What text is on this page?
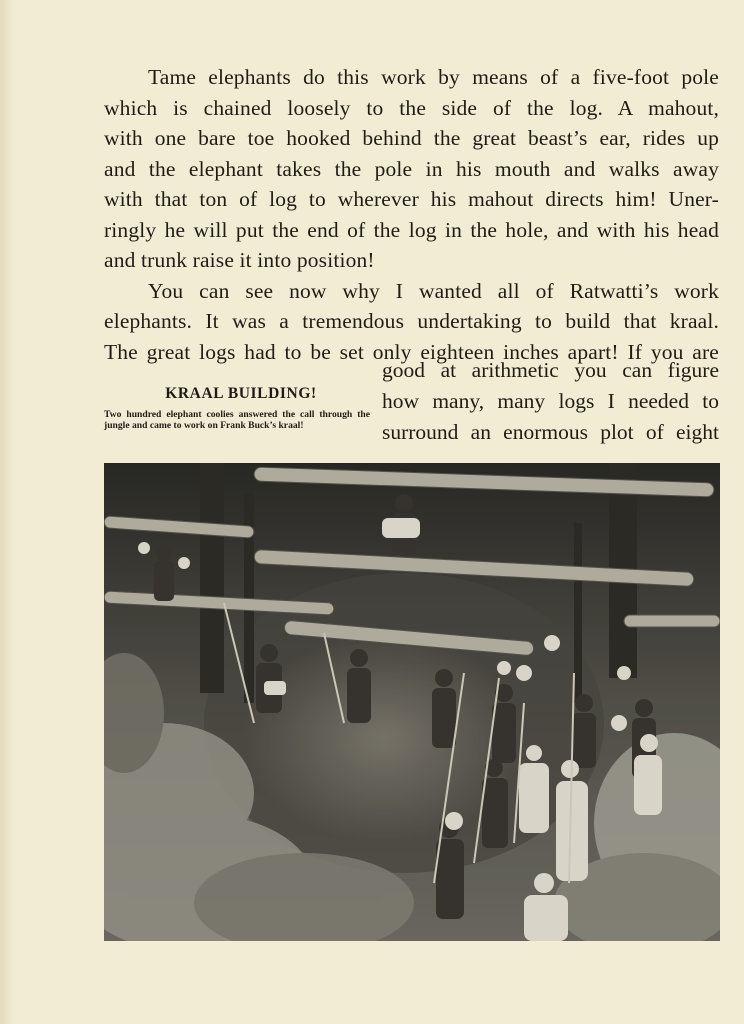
Tame elephants do this work by means of a five-foot pole
which is chained loosely to the side of the log. A mahout,
with one bare toe hooked behind the great beast’s ear, rides up
and the elephant takes the pole in his mouth and walks away
with that ton of log to wherever his mahout directs him! Uner-
ringly he will put the end of the log in the hole, and with his head
and trunk raise it into position!

You can see now why I wanted all of Ratwatti’s work
elephants. It was a tremendous undertaking to build that kraal.
The great logs had to be set only eighteen inches apart! If you are

good at arithmetic you can figure
how many, many logs I needed to
surround an enormous plot of eight

KRAAL BUILDING!

Two hundred elephant coolies answered the call through the jungle and came to work on Frank Buck’s kraal!
